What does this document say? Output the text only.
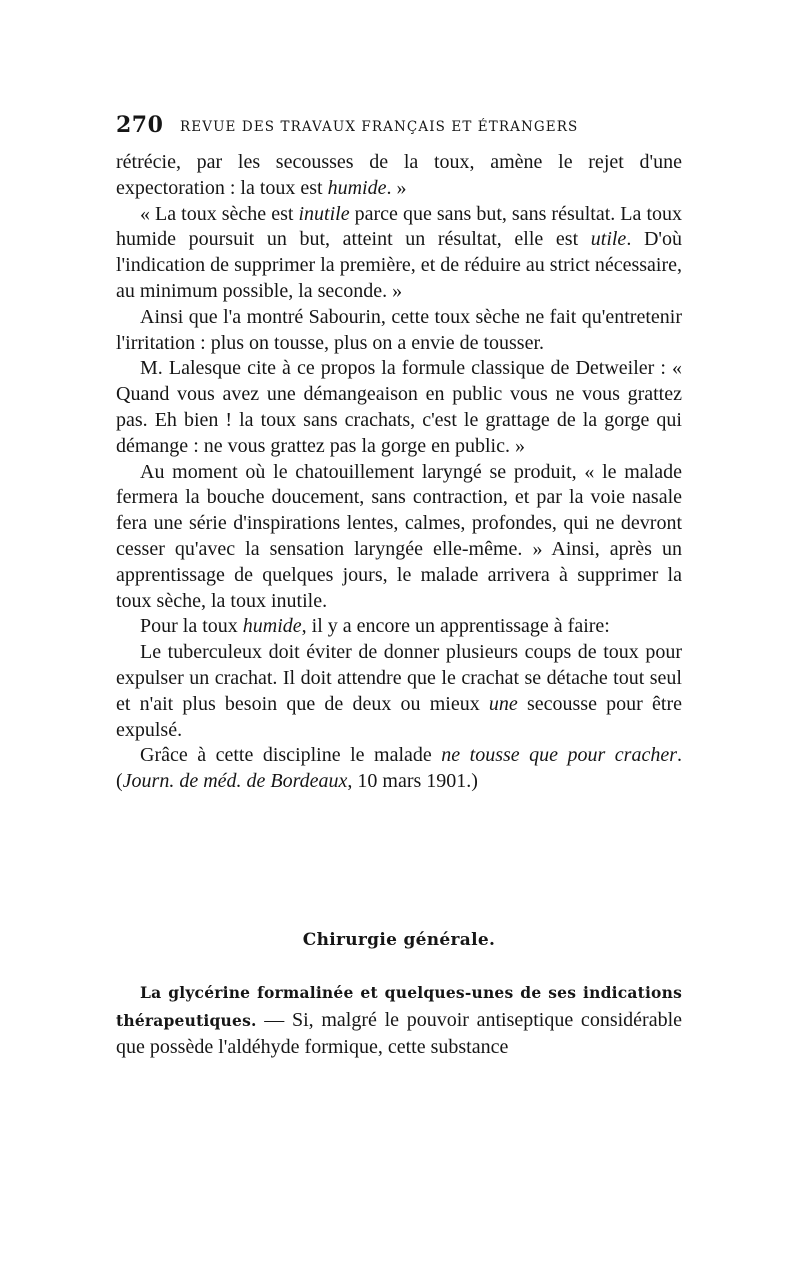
270 REVUE DES TRAVAUX FRANÇAIS ET ÉTRANGERS

rétrécie, par les secousses de la toux, amène le rejet d'une expectoration : la toux est humide. »

« La toux sèche est inutile parce que sans but, sans résultat. La toux humide poursuit un but, atteint un résultat, elle est utile. D'où l'indication de supprimer la première, et de réduire au strict nécessaire, au minimum possible, la seconde. »

Ainsi que l'a montré Sabourin, cette toux sèche ne fait qu'entretenir l'irritation : plus on tousse, plus on a envie de tousser.

M. Lalesque cite à ce propos la formule classique de Detweiler : « Quand vous avez une démangeaison en public vous ne vous grattez pas. Eh bien ! la toux sans crachats, c'est le grattage de la gorge qui démange : ne vous grattez pas la gorge en public. »

Au moment où le chatouillement laryngé se produit, « le malade fermera la bouche doucement, sans contraction, et par la voie nasale fera une série d'inspirations lentes, calmes, profondes, qui ne devront cesser qu'avec la sensation laryngée elle-même. » Ainsi, après un apprentissage de quelques jours, le malade arrivera à supprimer la toux sèche, la toux inutile.

Pour la toux humide, il y a encore un apprentissage à faire:

Le tuberculeux doit éviter de donner plusieurs coups de toux pour expulser un crachat. Il doit attendre que le crachat se détache tout seul et n'ait plus besoin que de deux ou mieux une secousse pour être expulsé.

Grâce à cette discipline le malade ne tousse que pour cracher. (Journ. de méd. de Bordeaux, 10 mars 1901.)

Chirurgie générale.

La glycérine formalinée et quelques-unes de ses indications thérapeutiques. — Si, malgré le pouvoir antiseptique considérable que possède l'aldéhyde formique, cette substance
